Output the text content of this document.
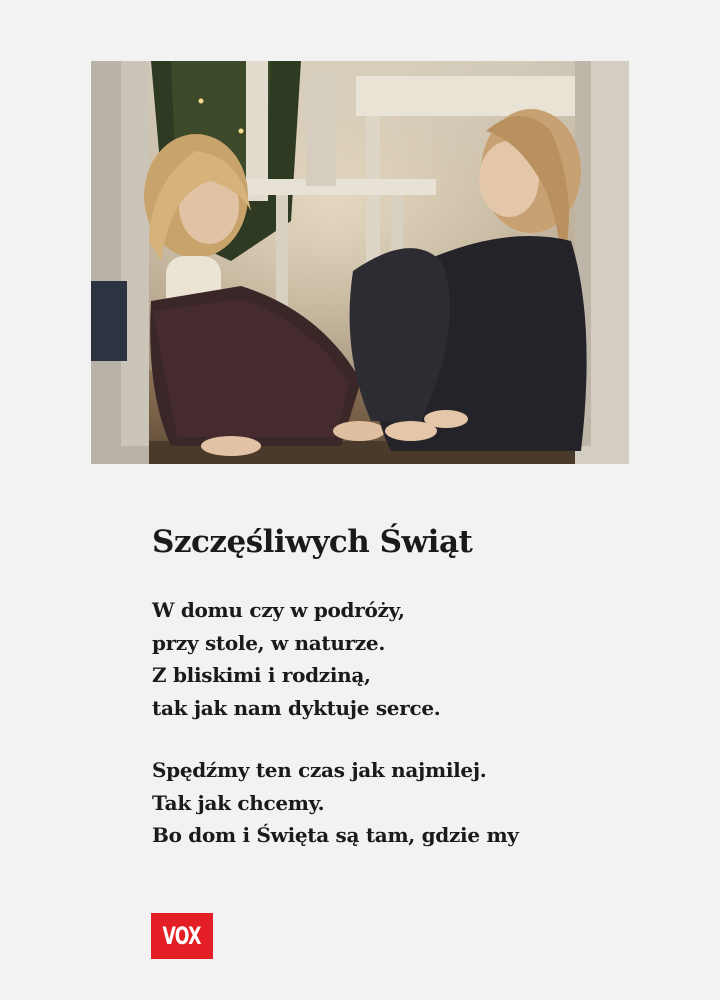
Szczęśliwych Świąt

W domu czy w podróży,
przy stole, w naturze.
Z bliskimi i rodziną,
tak jak nam dyktuje serce.

Spędźmy ten czas jak najmilej.
Tak jak chcemy.
Bo dom i Święta są tam, gdzie my

VOX
